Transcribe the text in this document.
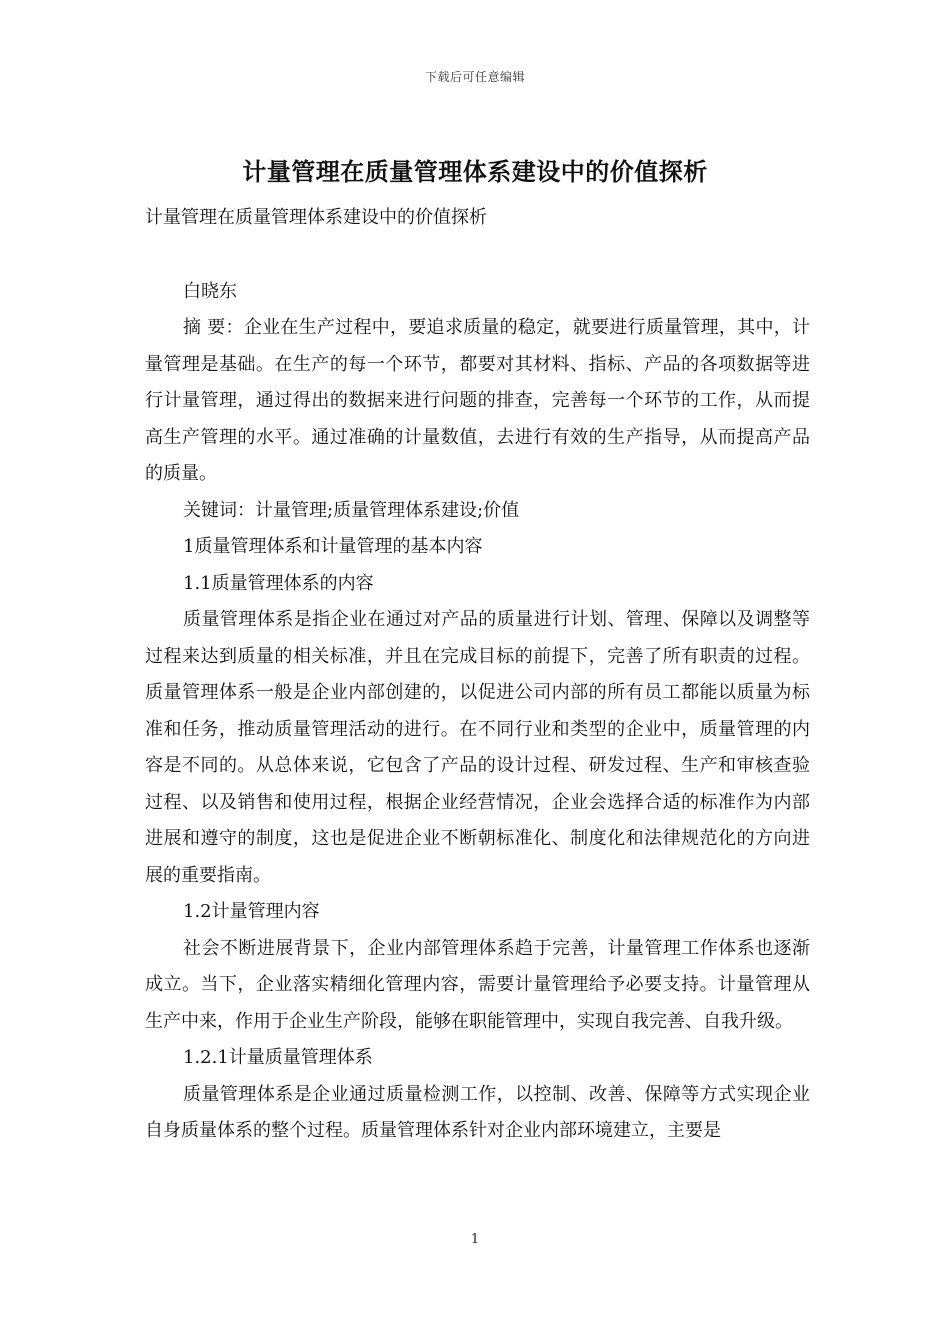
下载后可任意编辑
计量管理在质量管理体系建设中的价值探析

计量管理在质量管理体系建设中的价值探析

白晓东

摘 要：企业在生产过程中，要追求质量的稳定，就要进行质量管理，其中，计量管理是基础。在生产的每一个环节，都要对其材料、指标、产品的各项数据等进行计量管理，通过得出的数据来进行问题的排查，完善每一个环节的工作，从而提高生产管理的水平。通过准确的计量数值，去进行有效的生产指导，从而提高产品的质量。

关键词：计量管理;质量管理体系建设;价值

1质量管理体系和计量管理的基本内容

1.1质量管理体系的内容

质量管理体系是指企业在通过对产品的质量进行计划、管理、保障以及调整等过程来达到质量的相关标准，并且在完成目标的前提下，完善了所有职责的过程。质量管理体系一般是企业内部创建的，以促进公司内部的所有员工都能以质量为标准和任务，推动质量管理活动的进行。在不同行业和类型的企业中，质量管理的内容是不同的。从总体来说，它包含了产品的设计过程、研发过程、生产和审核查验过程、以及销售和使用过程，根据企业经营情况，企业会选择合适的标准作为内部进展和遵守的制度，这也是促进企业不断朝标准化、制度化和法律规范化的方向进展的重要指南。

1.2计量管理内容

社会不断进展背景下，企业内部管理体系趋于完善，计量管理工作体系也逐渐成立。当下，企业落实精细化管理内容，需要计量管理给予必要支持。计量管理从生产中来，作用于企业生产阶段，能够在职能管理中，实现自我完善、自我升级。

1.2.1计量质量管理体系

质量管理体系是企业通过质量检测工作，以控制、改善、保障等方式实现企业自身质量体系的整个过程。质量管理体系针对企业内部环境建立，主要是

1
